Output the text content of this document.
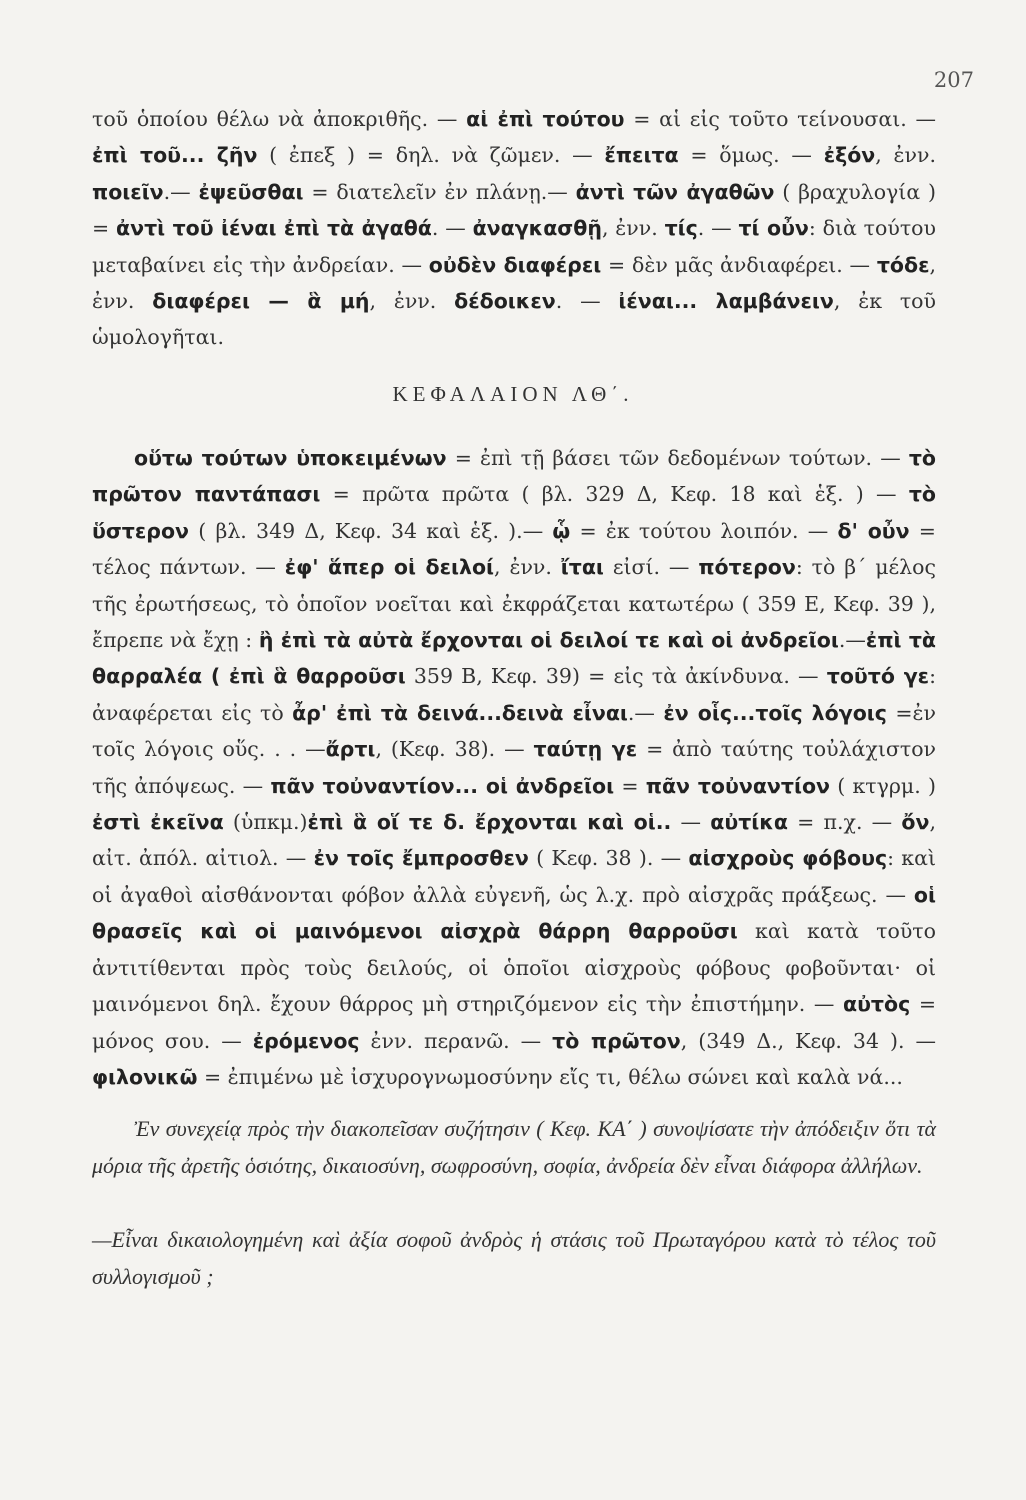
207

τοῦ ὁποίου θέλω νὰ ἀποκριθῆς. — αἱ ἐπὶ τούτου = αἱ εἰς τοῦτο τείνουσαι. — ἐπὶ τοῦ... ζῆν ( ἐπεξ ) = δηλ. νὰ ζῶμεν. — ἔπειτα = ὅμως. — ἐξόν, ἐνν. ποιεῖν.— ἐψεῦσθαι = διατελεῖν ἐν πλάνῃ.— ἀντὶ τῶν ἀγαθῶν ( βραχυλογία ) = ἀντὶ τοῦ ἰέναι ἐπὶ τὰ ἀγαθά. — ἀναγκασθῇ, ἐνν. τίς. — τί οὖν: διὰ τούτου μεταβαίνει εἰς τὴν ἀνδρείαν. — οὐδὲν διαφέρει = δὲν μᾶς ἀνδιαφέρει. — τόδε, ἐνν. διαφέρει — ἃ μή, ἐνν. δέδοικεν. — ἰέναι... λαμβάνειν, ἐκ τοῦ ὡμολογῆται.

ΚΕΦΑΛΑΙΟΝ ΛΘ΄.

οὕτω τούτων ὑποκειμένων = ἐπὶ τῇ βάσει τῶν δεδομένων τούτων. — τὸ πρῶτον παντάπασι = πρῶτα πρῶτα ( βλ. 329 Δ, Κεφ. 18 καὶ ἑξ. ) — τὸ ὕστερον ( βλ. 349 Δ, Κεφ. 34 καὶ ἑξ. ).— ᾧ = ἐκ τούτου λοιπόν. — δ' οὖν = τέλος πάντων. — ἐφ' ἅπερ οἱ δειλοί, ἐνν. ἴται εἰσί. — πότερον: τὸ β΄ μέλος τῆς ἐρωτήσεως, τὸ ὁποῖον νοεῖται καὶ ἐκφράζεται κατωτέρω ( 359 Ε, Κεφ. 39 ), ἔπρεπε νὰ ἔχῃ : ἢ ἐπὶ τὰ αὐτὰ ἔρχονται οἱ δειλοί τε καὶ οἱ ἀνδρεῖοι.—ἐπὶ τὰ θαρραλέα ( ἐπὶ ἃ θαρροῦσι 359 Β, Κεφ. 39) = εἰς τὰ ἀκίνδυνα. — τοῦτό γε: ἀναφέρεται εἰς τὸ ἆρ' ἐπὶ τὰ δεινά...δεινὰ εἶναι.— ἐν οἷς...τοῖς λόγοις =ἐν τοῖς λόγοις οὕς. . . —ἄρτι, (Κεφ. 38). — ταύτῃ γε = ἀπὸ ταύτης τοὐλάχιστον τῆς ἀπόψεως. — πᾶν τοὐναντίον... οἱ ἀνδρεῖοι = πᾶν τοὐναντίον ( κτγρμ. ) ἐστὶ ἐκεῖνα (ὑπκμ.)ἐπὶ ἃ οἵ τε δ. ἔρχονται καὶ οἱ.. — αὐτίκα = π.χ. — ὄν, αἰτ. ἀπόλ. αἰτιολ. — ἐν τοῖς ἔμπροσθεν ( Κεφ. 38 ). — αἰσχροὺς φόβους: καὶ οἱ ἀγαθοὶ αἰσθάνονται φόβον ἀλλὰ εὐγενῆ, ὡς λ.χ. πρὸ αἰσχρᾶς πράξεως. — οἱ θρασεῖς καὶ οἱ μαινόμενοι αἰσχρὰ θάρρη θαρροῦσι καὶ κατὰ τοῦτο ἀντιτίθενται πρὸς τοὺς δειλούς, οἱ ὁποῖοι αἰσχροὺς φόβους φοβοῦνται· οἱ μαινόμενοι δηλ. ἔχουν θάρρος μὴ στηριζόμενον εἰς τὴν ἐπιστήμην. — αὐτὸς = μόνος σου. — ἐρόμενος ἐνν. περανῶ. — τὸ πρῶτον, (349 Δ., Κεφ. 34 ). — φιλονικῶ = ἐπιμένω μὲ ἰσχυρογνωμοσύνην εἴς τι, θέλω σώνει καὶ καλὰ νά...

Ἐν συνεχείᾳ πρὸς τὴν διακοπεῖσαν συζήτησιν ( Κεφ. ΚΑ΄ ) συνοψίσατε τὴν ἀπόδειξιν ὅτι τὰ μόρια τῆς ἀρετῆς ὁσιότης, δικαιοσύνη, σωφροσύνη, σοφία, ἀνδρεία δὲν εἶναι διάφορα ἀλλήλων.
—Εἶναι δικαιολογημένη καὶ ἀξία σοφοῦ ἀνδρὸς ἡ στάσις τοῦ Πρωταγόρου κατὰ τὸ τέλος τοῦ συλλογισμοῦ ;
